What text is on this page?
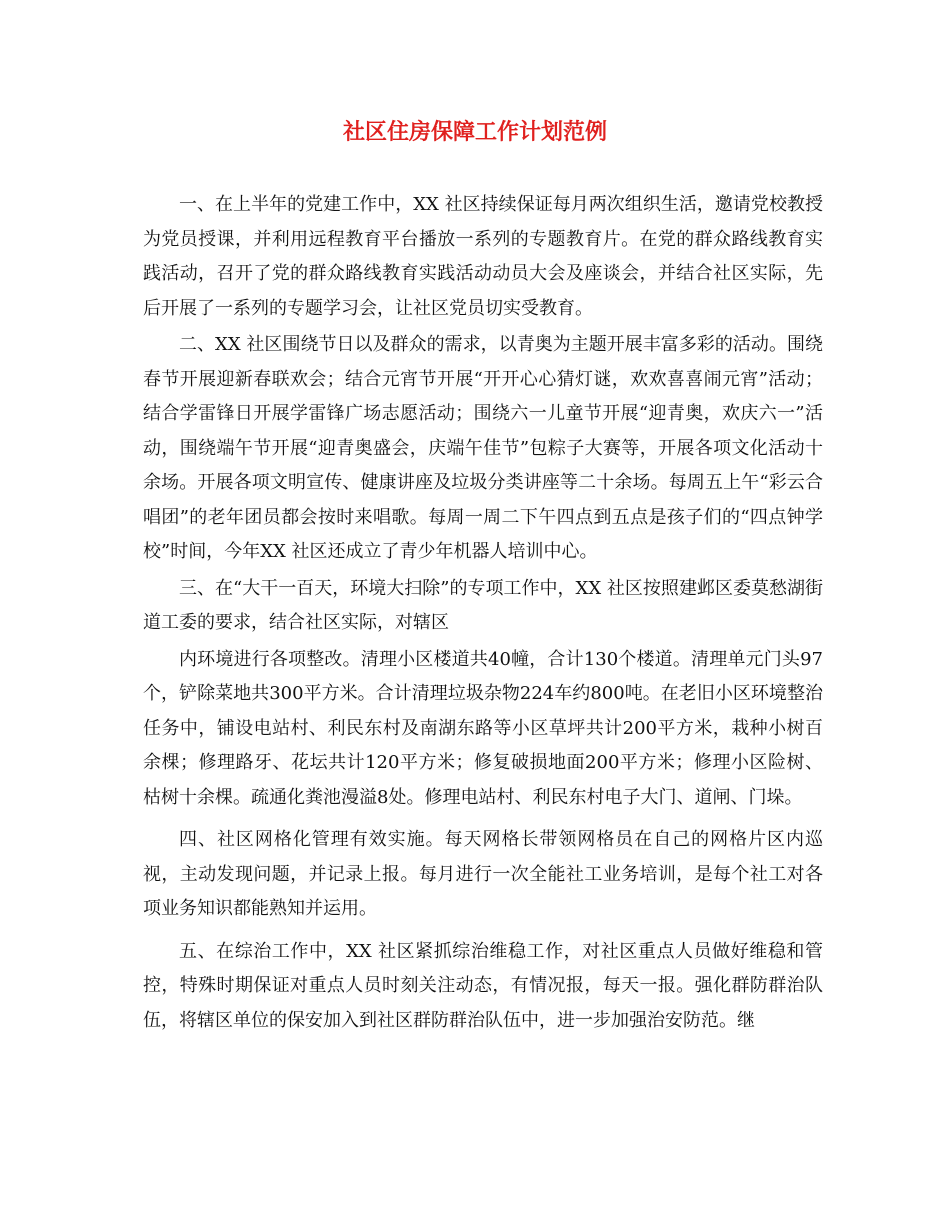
社区住房保障工作计划范例

一、在上半年的党建工作中，XX 社区持续保证每月两次组织生活，邀请党校教授为党员授课，并利用远程教育平台播放一系列的专题教育片。在党的群众路线教育实践活动，召开了党的群众路线教育实践活动动员大会及座谈会，并结合社区实际，先后开展了一系列的专题学习会，让社区党员切实受教育。

二、XX 社区围绕节日以及群众的需求，以青奥为主题开展丰富多彩的活动。围绕春节开展迎新春联欢会；结合元宵节开展“开开心心猜灯谜，欢欢喜喜闹元宵”活动；结合学雷锋日开展学雷锋广场志愿活动；围绕六一儿童节开展“迎青奥，欢庆六一”活动，围绕端午节开展“迎青奥盛会，庆端午佳节”包粽子大赛等，开展各项文化活动十余场。开展各项文明宣传、健康讲座及垃圾分类讲座等二十余场。每周五上午“彩云合唱团”的老年团员都会按时来唱歌。每周一周二下午四点到五点是孩子们的“四点钟学校”时间，今年XX 社区还成立了青少年机器人培训中心。

三、在“大干一百天，环境大扫除”的专项工作中，XX 社区按照建邺区委莫愁湖街道工委的要求，结合社区实际，对辖区

内环境进行各项整改。清理小区楼道共40幢，合计130个楼道。清理单元门头97个，铲除菜地共300平方米。合计清理垃圾杂物224车约800吨。在老旧小区环境整治任务中，铺设电站村、利民东村及南湖东路等小区草坪共计200平方米，栽种小树百余棵；修理路牙、花坛共计120平方米；修复破损地面200平方米；修理小区险树、枯树十余棵。疏通化粪池漫溢8处。修理电站村、利民东村电子大门、道闸、门垛。

四、社区网格化管理有效实施。每天网格长带领网格员在自己的网格片区内巡视，主动发现问题，并记录上报。每月进行一次全能社工业务培训，是每个社工对各项业务知识都能熟知并运用。

五、在综治工作中，XX 社区紧抓综治维稳工作，对社区重点人员做好维稳和管控，特殊时期保证对重点人员时刻关注动态，有情况报，每天一报。强化群防群治队伍，将辖区单位的保安加入到社区群防群治队伍中，进一步加强治安防范。继
